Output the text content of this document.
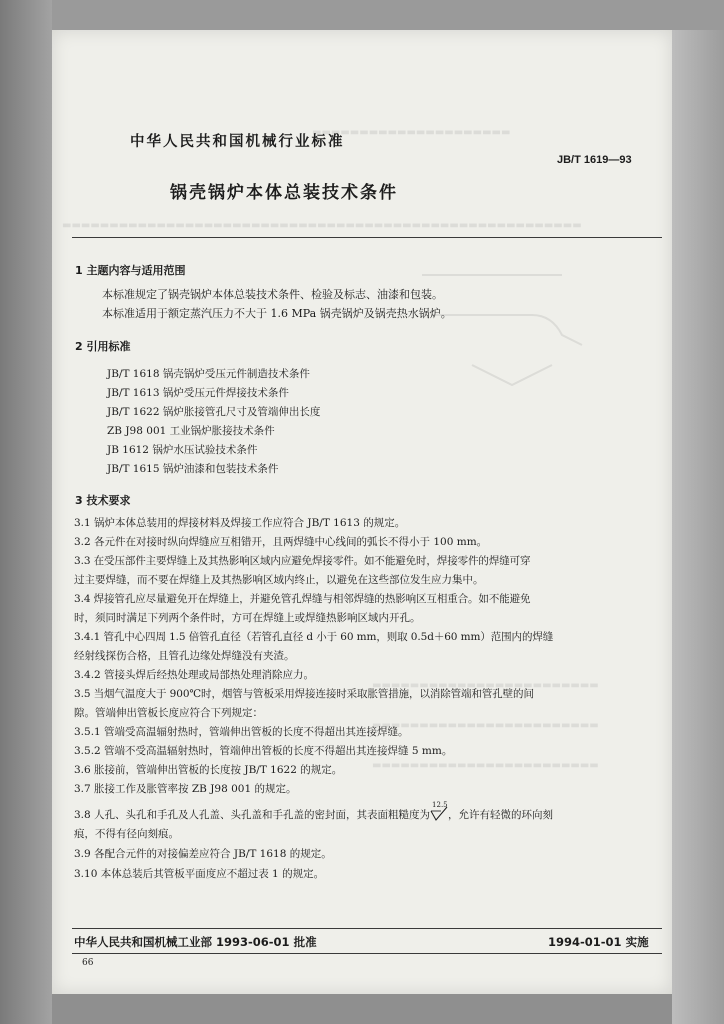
▬▬▬▬▬▬▬▬▬▬▬▬▬▬▬▬▬▬▬▬▬
▬▬▬▬▬▬▬▬▬▬▬▬▬▬▬▬▬▬▬▬▬▬▬▬▬▬▬▬▬▬▬▬▬▬▬▬▬▬▬▬▬▬▬▬▬▬▬▬▬▬▬▬▬▬▬
▬▬▬▬▬▬▬▬▬▬▬▬▬▬▬▬▬▬▬▬▬▬▬▬
▬▬▬▬▬▬▬▬▬▬▬▬▬▬▬▬▬▬▬▬▬▬▬▬
▬▬▬▬▬▬▬▬▬▬▬▬▬▬▬▬▬▬▬▬▬▬▬▬
中华人民共和国机械行业标准
JB/T 1619—93
锅壳锅炉本体总装技术条件
1 主题内容与适用范围
本标准规定了锅壳锅炉本体总装技术条件、检验及标志、油漆和包装。
本标准适用于额定蒸汽压力不大于 1.6 MPa 锅壳锅炉及锅壳热水锅炉。
2 引用标准
JB/T 1618 锅壳锅炉受压元件制造技术条件
JB/T 1613 锅炉受压元件焊接技术条件
JB/T 1622 锅炉胀接管孔尺寸及管端伸出长度
ZB J98 001 工业锅炉胀接技术条件
JB 1612 锅炉水压试验技术条件
JB/T 1615 锅炉油漆和包装技术条件
3 技术要求
3.1 锅炉本体总装用的焊接材料及焊接工作应符合 JB/T 1613 的规定。
3.2 各元件在对接时纵向焊缝应互相错开，且两焊缝中心线间的弧长不得小于 100 mm。
3.3 在受压部件主要焊缝上及其热影响区域内应避免焊接零件。如不能避免时，焊接零件的焊缝可穿
过主要焊缝，而不要在焊缝上及其热影响区域内终止，以避免在这些部位发生应力集中。
3.4 焊接管孔应尽量避免开在焊缝上，并避免管孔焊缝与相邻焊缝的热影响区互相重合。如不能避免
时，须同时满足下列两个条件时，方可在焊缝上或焊缝热影响区域内开孔。
3.4.1 管孔中心四周 1.5 倍管孔直径（若管孔直径 d 小于 60 mm，则取 0.5d＋60 mm）范围内的焊缝
经射线探伤合格，且管孔边缘处焊缝没有夹渣。
3.4.2 管接头焊后经热处理或局部热处理消除应力。
3.5 当烟气温度大于 900℃时，烟管与管板采用焊接连接时采取胀管措施，以消除管端和管孔壁的间
隙。管端伸出管板长度应符合下列规定：
3.5.1 管端受高温辐射热时，管端伸出管板的长度不得超出其连接焊缝。
3.5.2 管端不受高温辐射热时，管端伸出管板的长度不得超出其连接焊缝 5 mm。
3.6 胀接前，管端伸出管板的长度按 JB/T 1622 的规定。
3.7 胀接工作及胀管率按 ZB J98 001 的规定。
3.8 人孔、头孔和手孔及人孔盖、头孔盖和手孔盖的密封面，其表面粗糙度为
12.5
，允许有轻微的环向刻
痕，不得有径向刻痕。
3.9 各配合元件的对接偏差应符合 JB/T 1618 的规定。
3.10 本体总装后其管板平面度应不超过表 1 的规定。
中华人民共和国机械工业部 1993-06-01 批准	1994-01-01 实施
66
